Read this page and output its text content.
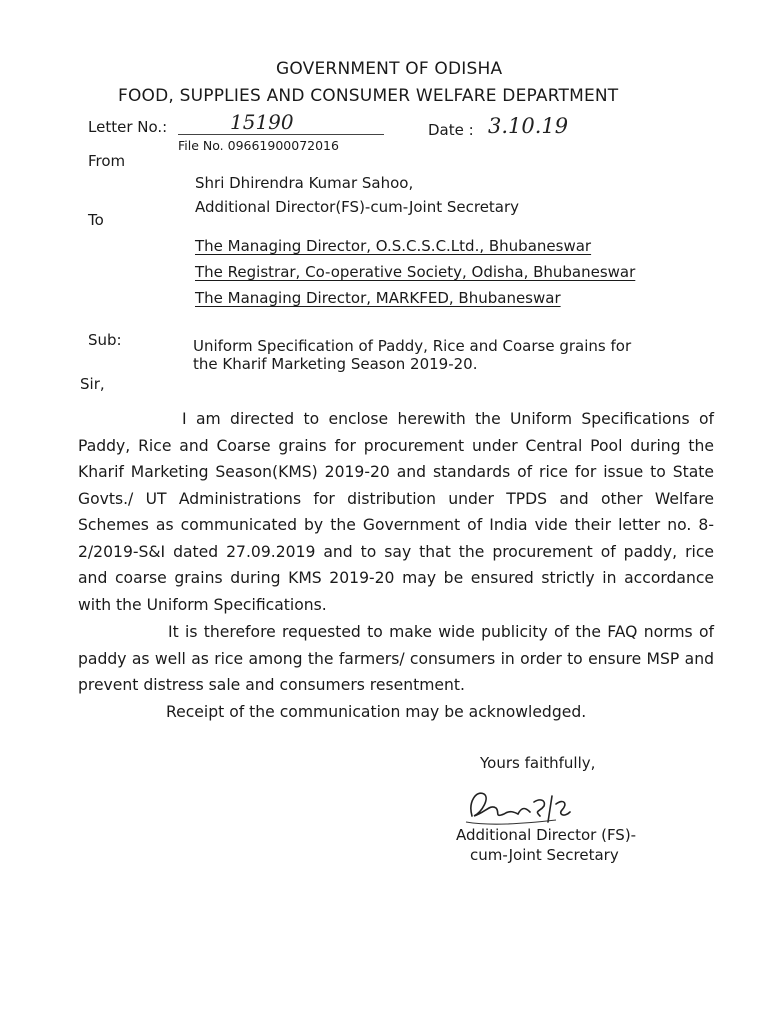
GOVERNMENT OF ODISHA
FOOD, SUPPLIES AND CONSUMER WELFARE DEPARTMENT
Letter No.:	15190
File No. 09661900072016
Date : 3.10.19
From
Shri Dhirendra Kumar Sahoo,
Additional Director(FS)-cum-Joint Secretary
To
The Managing Director, O.S.C.S.C.Ltd., Bhubaneswar
The Registrar, Co-operative Society, Odisha, Bhubaneswar
The Managing Director, MARKFED, Bhubaneswar
Sub:	Uniform Specification of Paddy, Rice and Coarse grains for
the Kharif Marketing Season 2019-20.
Sir,
I am directed to enclose herewith the Uniform Specifications of Paddy, Rice and Coarse grains for procurement under Central Pool during the Kharif Marketing Season(KMS) 2019-20 and standards of rice for issue to State Govts./ UT Administrations for distribution under TPDS and other Welfare Schemes as communicated by the Government of India vide their letter no. 8-2/2019-S&I dated 27.09.2019 and to say that the procurement of paddy, rice and coarse grains during KMS 2019-20 may be ensured strictly in accordance with the Uniform Specifications.
It is therefore requested to make wide publicity of the FAQ norms of paddy as well as rice among the farmers/ consumers in order to ensure MSP and prevent distress sale and consumers resentment.
Receipt of the communication may be acknowledged.
Yours faithfully,
Additional Director (FS)-
cum-Joint Secretary
